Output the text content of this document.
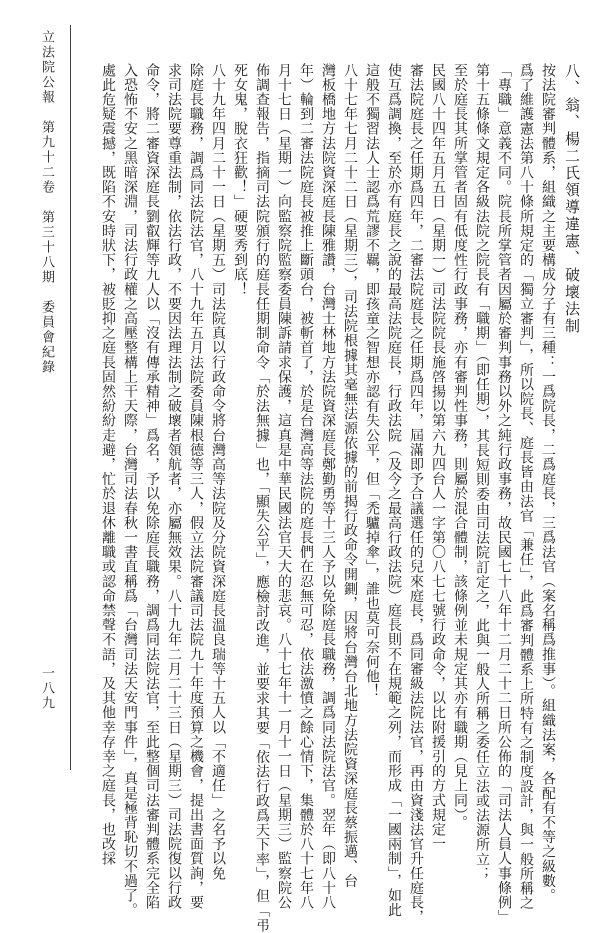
八、翁、楊二氏領導違憲、破壞法制
按法院審判體系，組織之主要構成分子有三種：一爲院長，二爲庭長，三爲法官（案名稱爲推事）。組織法案，各配有不等之級數。
爲了維護憲法第八十條所規定的「獨立審判」，所以院長、庭長皆由法官「兼任」，此爲審判體系上所特有之制度設計，與一般所稱之
「專職」意義不同。院長所掌管者因屬於審判事務以外之純行政事務，故民國七十八年十二月二十二日所公佈的「司法人員人事條例」
第十五條條文規定各級法院之院長有「職期」（即任期），其長短則委由司法院訂定之，此與一般人所稱之委任立法或法源所立；
至於庭長其所掌管者固有低度性行政事務，亦有審判性事務，則屬於混合體制，該條例並未規定其亦有職期（見上同）。
民國八十四年五月五日（星期一）司法院院長施啓揚以第六九四台人一字第〇八七七號行政命令，以比附援引的方式規定一
審法院庭長之任期爲四年，二審法院庭長之任期爲四年，屆滿即予合議選任的兒來庭長，爲同審級法院法官，再由資淺法官升任庭長，
使互爲調換，至於亦有庭長之說的最高法院庭長，行政法院（及今之最高行政法院）庭長則不在規範之列，而形成「一國兩制」，如此
這般不獨習法人士認爲荒謬不羈，即孩童之智想亦認有失公平，但「禿驢掉傘」，誰也莫可奈何他！
八十七年七月二十二日（星期三），司法院根據其毫無法源依據的前揭行政命令開鍘，因將台灣台北地方法院資深庭長蔡振邁、台
灣板橋地方法院資深庭長陳雅讚，台灣士林地方法院資深庭長鄭勤勇等十三人予以免除庭長職務，調爲同法院法官。翌年（即八十八
年）輪到二審法院庭長被推上斷頭台，被斬首了，於是台灣高等法院的庭長們在忍無可忍，依法激憤之餘心情下，集體於八十七年八
月十七日（星期一）向監察院監察委員陳訴請求保護，這真是中華民國法官天大的悲哀。八十七年十一月十一日（星期三）監察院公
佈調查報告，指摘司法院頒行的庭長任期制命令「於法無據」也，「顯失公平」，應檢討改進，並要求其要「依法行政爲天下率」，但「弔
死女鬼，脫衣狂歡！」硬要秀到底！
八十九年四月二十一日（星期五）司法院真以行政命令將台灣高等法院及分院資深庭長溫良瑞等十五人以「不適任」之名予以免
除庭長職務，調爲同法院法官，八十九年五月法院委員陳根德等三人，假立法院審議司法院九十年度預算之機會，提出書面質詢，要
求司法院要尊重法制，依法行政，不要因法理法制之破壞者領航者，亦屬無效果。八十九年二月二十三日（星期三）司法院復以行政
命令，將二審資深庭長劉叡輝等九人以「沒有傳承精神」爲名，予以免除庭長職務，調爲同法院法官，至此整個司法審判體系完全陷
入恐怖不安之黑暗深淵，司法行政權之高壓整構上干天際，台灣司法春秋一書直稱爲「台灣司法天安門事件」，真是極背恥切不過了。
處此危疑震撼，既陷不安時狀下，被貶抑之庭長固然紛紛走避，忙於退休離職或認命禁聲不語，及其他幸存幸之庭長，也改採
立法院公報　第九十二卷　第三十八期　委員會紀錄
一八九
